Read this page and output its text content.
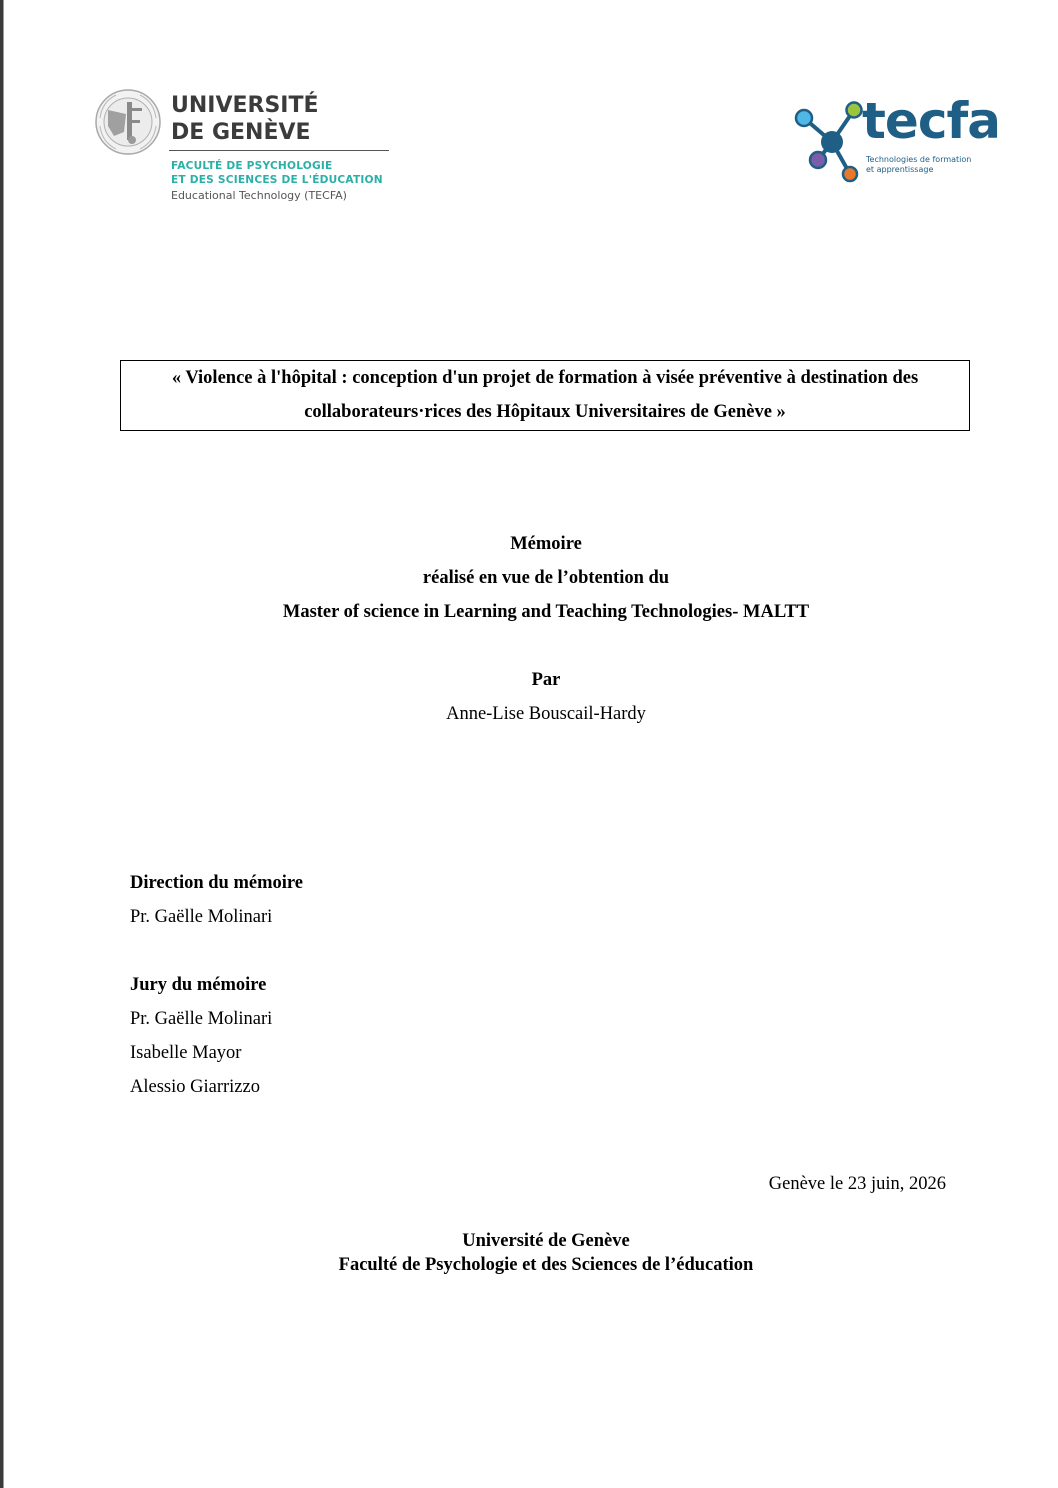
UNIVERSITÉ
DE GENÈVE
FACULTÉ DE PSYCHOLOGIE
ET DES SCIENCES DE L'ÉDUCATION
Educational Technology (TECFA)
tecfa
Technologies de formation
et apprentissage
« Violence à l'hôpital : conception d'un projet de formation à visée préventive à destination des
collaborateurs·rices des Hôpitaux Universitaires de Genève »
Mémoire
réalisé en vue de l’obtention du
Master of science in Learning and Teaching Technologies- MALTT
Par
Anne-Lise Bouscail-Hardy
Direction du mémoire
Pr. Gaëlle Molinari
Jury du mémoire
Pr. Gaëlle Molinari
Isabelle Mayor
Alessio Giarrizzo
Genève le 23 juin, 2026
Université de Genève
Faculté de Psychologie et des Sciences de l’éducation
